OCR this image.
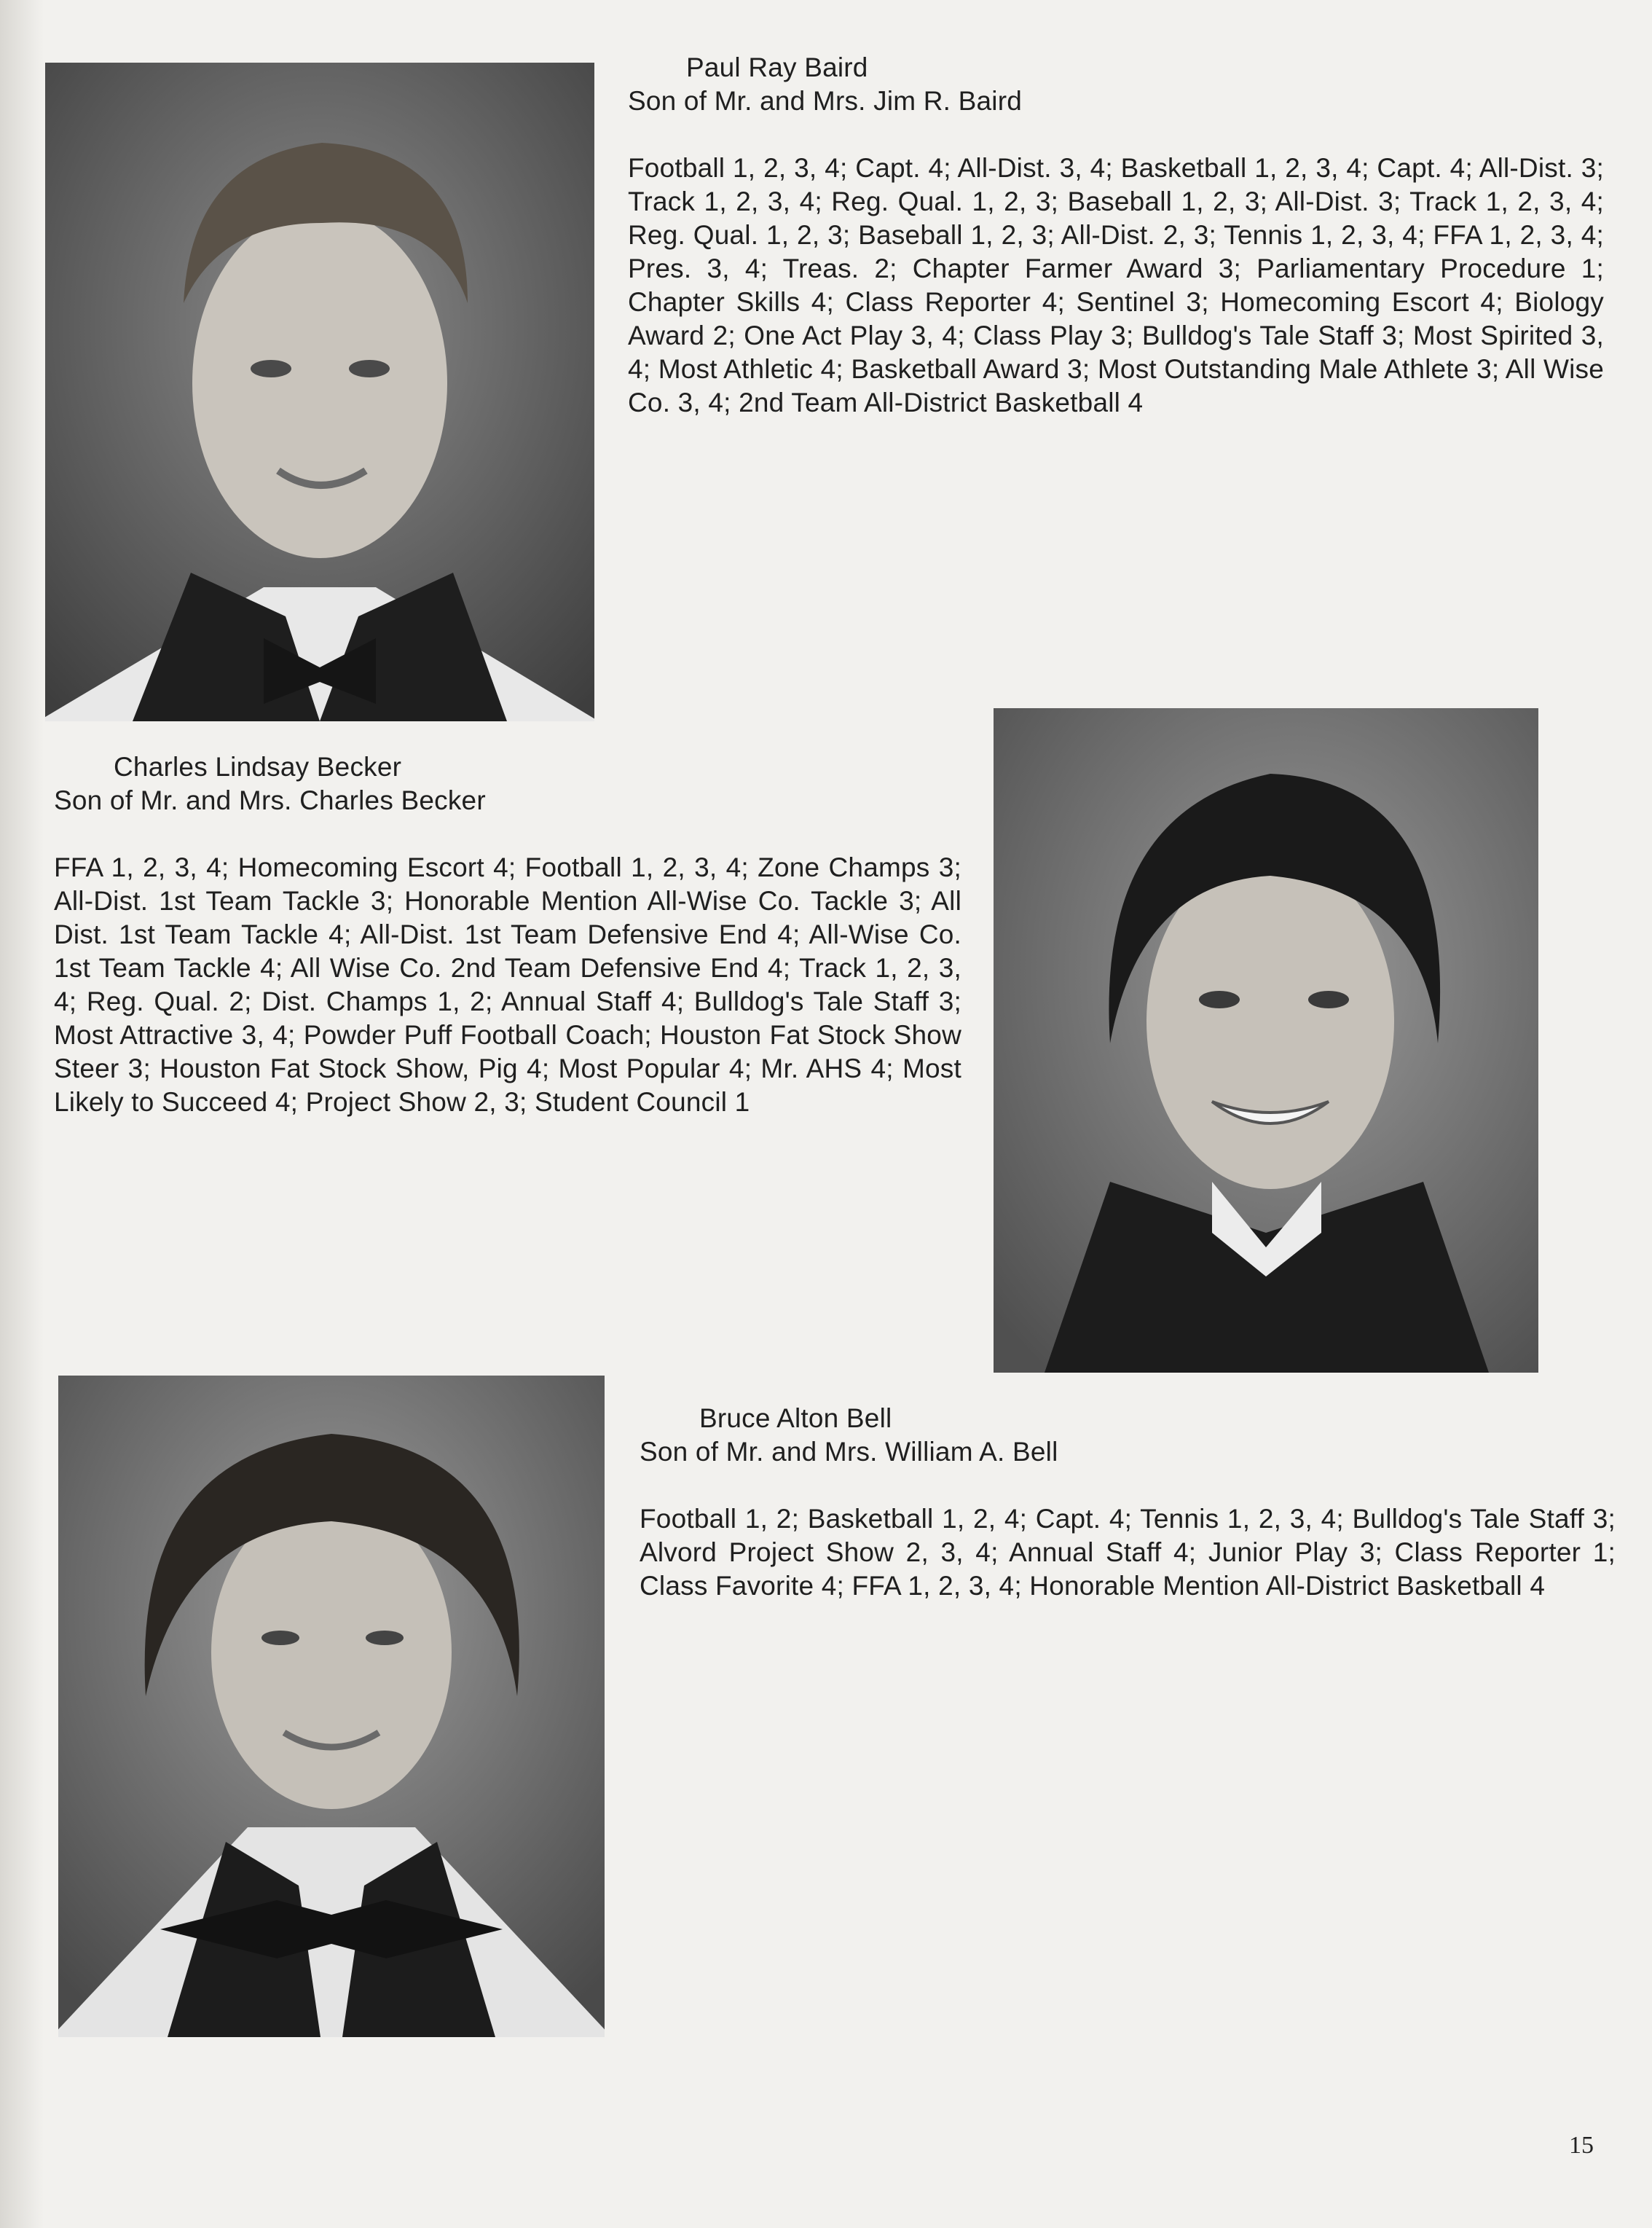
Paul Ray Baird
Son of Mr. and Mrs. Jim R. Baird
Football 1, 2, 3, 4; Capt. 4; All-Dist. 3, 4; Basketball 1, 2, 3, 4; Capt. 4; All-Dist. 3; Track 1, 2, 3, 4; Reg. Qual. 1, 2, 3; Baseball 1, 2, 3; All-Dist. 3; Track 1, 2, 3, 4; Reg. Qual. 1, 2, 3; Baseball 1, 2, 3; All-Dist. 2, 3; Tennis 1, 2, 3, 4; FFA 1, 2, 3, 4; Pres. 3, 4; Treas. 2; Chapter Farmer Award 3; Parliamentary Procedure 1; Chapter Skills 4; Class Reporter 4; Sentinel 3; Homecoming Escort 4; Biology Award 2; One Act Play 3, 4; Class Play 3; Bulldog's Tale Staff 3; Most Spirited 3, 4; Most Athletic 4; Basketball Award 3; Most Outstanding Male Athlete 3; All Wise Co. 3, 4; 2nd Team All-District Basketball 4
Charles Lindsay Becker
Son of Mr. and Mrs. Charles Becker
FFA 1, 2, 3, 4; Homecoming Escort 4; Football 1, 2, 3, 4; Zone Champs 3; All-Dist. 1st Team Tackle 3; Honorable Mention All-Wise Co. Tackle 3; All Dist. 1st Team Tackle 4; All-Dist. 1st Team Defensive End 4; All-Wise Co. 1st Team Tackle 4; All Wise Co. 2nd Team Defensive End 4; Track 1, 2, 3, 4; Reg. Qual. 2; Dist. Champs 1, 2; Annual Staff 4; Bulldog's Tale Staff 3; Most Attractive 3, 4; Powder Puff Football Coach; Houston Fat Stock Show Steer 3; Houston Fat Stock Show, Pig 4; Most Popular 4; Mr. AHS 4; Most Likely to Succeed 4; Project Show 2, 3; Student Council 1
Bruce Alton Bell
Son of Mr. and Mrs. William A. Bell
Football 1, 2; Basketball 1, 2, 4; Capt. 4; Tennis 1, 2, 3, 4; Bulldog's Tale Staff 3; Alvord Project Show 2, 3, 4; Annual Staff 4; Junior Play 3; Class Reporter 1; Class Favorite 4; FFA 1, 2, 3, 4; Honorable Mention All-District Basketball 4
15
